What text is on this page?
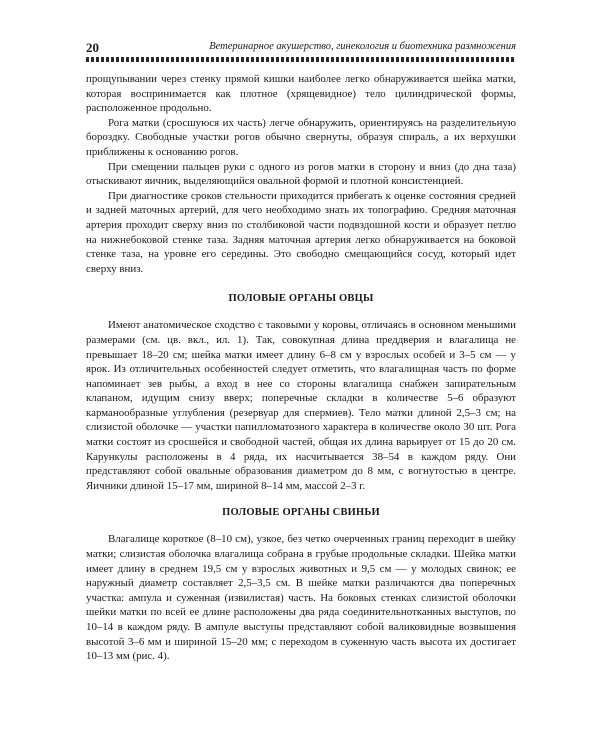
20	Ветеринарное акушерство, гинекология и биотехника размножения

прощупывании через стенку прямой кишки наиболее легко обнаруживается шейка матки, которая воспринимается как плотное (хрящевидное) тело цилиндрической формы, расположенное продольно.

Рога матки (сросшуюся их часть) легче обнаружить, ориентируясь на разделительную бороздку. Свободные участки рогов обычно свернуты, образуя спираль, а их верхушки приближены к основанию рогов.

При смещении пальцев руки с одного из рогов матки в сторону и вниз (до дна таза) отыскивают яичник, выделяющийся овальной формой и плотной консистенцией.

При диагностике сроков стельности приходится прибегать к оценке состояния средней и задней маточных артерий, для чего необходимо знать их топографию. Средняя маточная артерия проходит сверху вниз по столбиковой части подвздошной кости и образует петлю на нижнебоковой стенке таза. Задняя маточная артерия легко обнаруживается на боковой стенке таза, на уровне его середины. Это свободно смещающийся сосуд, который идет сверху вниз.

ПОЛОВЫЕ ОРГАНЫ ОВЦЫ

Имеют анатомическое сходство с таковыми у коровы, отличаясь в основном меньшими размерами (см. цв. вкл., ил. 1). Так, совокупная длина преддверия и влагалища не превышает 18–20 см; шейка матки имеет длину 6–8 см у взрослых особей и 3–5 см — у ярок. Из отличительных особенностей следует отметить, что влагалищная часть по форме напоминает зев рыбы, а вход в нее со стороны влагалища снабжен запирательным клапаном, идущим снизу вверх; поперечные складки в количестве 5–6 образуют карманообразные углубления (резервуар для спермиев). Тело матки длиной 2,5–3 см; на слизистой оболочке — участки папилломатозного характера в количестве около 30 шт. Рога матки состоят из сросшейся и свободной частей, общая их длина варьирует от 15 до 20 см. Карункулы расположены в 4 ряда, их насчитывается 38–54 в каждом ряду. Они представляют собой овальные образования диаметром до 8 мм, с вогнутостью в центре. Яичники длиной 15–17 мм, шириной 8–14 мм, массой 2–3 г.

ПОЛОВЫЕ ОРГАНЫ СВИНЬИ

Влагалище короткое (8–10 см), узкое, без четко очерченных границ переходит в шейку матки; слизистая оболочка влагалища собрана в грубые продольные складки. Шейка матки имеет длину в среднем 19,5 см у взрослых животных и 9,5 см — у молодых свинок; ее наружный диаметр составляет 2,5–3,5 см. В шейке матки различаются два поперечных участка: ампула и суженная (извилистая) часть. На боковых стенках слизистой оболочки шейки матки по всей ее длине расположены два ряда соединительнотканных выступов, по 10–14 в каждом ряду. В ампуле выступы представляют собой валиковидные возвышения высотой 3–6 мм и шириной 15–20 мм; с переходом в суженную часть высота их достигает 10–13 мм (рис. 4).
